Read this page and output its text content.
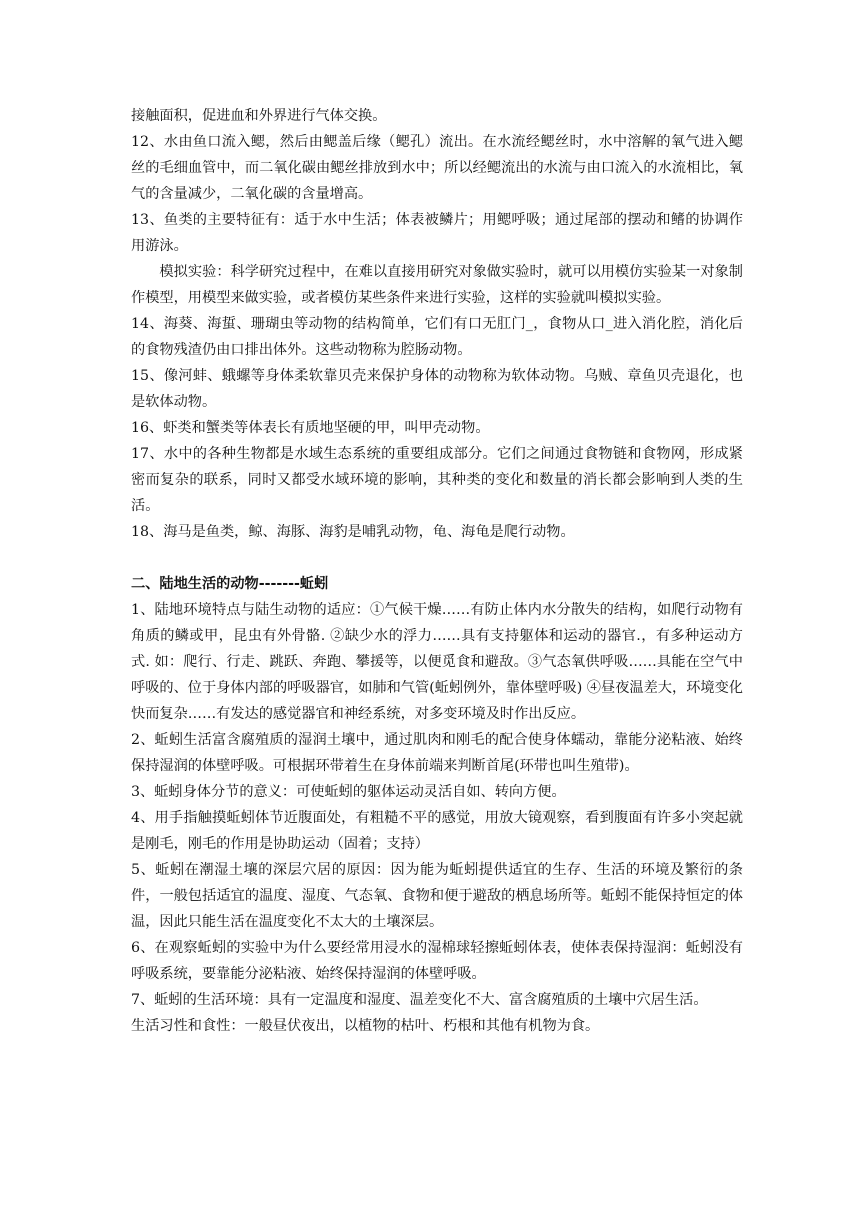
接触面积，促进血和外界进行气体交换。

12、水由鱼口流入鳃，然后由鳃盖后缘（鳃孔）流出。在水流经鳃丝时，水中溶解的氧气进入鳃丝的毛细血管中，而二氧化碳由鳃丝排放到水中；所以经鳃流出的水流与由口流入的水流相比，氧气的含量减少，二氧化碳的含量增高。

13、鱼类的主要特征有：适于水中生活；体表被鳞片；用鳃呼吸；通过尾部的摆动和鳍的协调作用游泳。

模拟实验：科学研究过程中，在难以直接用研究对象做实验时，就可以用模仿实验某一对象制作模型，用模型来做实验，或者模仿某些条件来进行实验，这样的实验就叫模拟实验。

14、海葵、海蜇、珊瑚虫等动物的结构简单，它们有口无肛门_，食物从口_进入消化腔，消化后的食物残渣仍由口排出体外。这些动物称为腔肠动物。

15、像河蚌、蛾螺等身体柔软靠贝壳来保护身体的动物称为软体动物。乌贼、章鱼贝壳退化，也是软体动物。

16、虾类和蟹类等体表长有质地坚硬的甲，叫甲壳动物。

17、水中的各种生物都是水域生态系统的重要组成部分。它们之间通过食物链和食物网，形成紧密而复杂的联系，同时又都受水域环境的影响，其种类的变化和数量的消长都会影响到人类的生活。

18、海马是鱼类，鲸、海豚、海豹是哺乳动物，龟、海龟是爬行动物。

二、陆地生活的动物-------蚯蚓

1、陆地环境特点与陆生动物的适应：①气候干燥……有防止体内水分散失的结构，如爬行动物有角质的鳞或甲，昆虫有外骨骼. ②缺少水的浮力……具有支持躯体和运动的器官.，有多种运动方式. 如：爬行、行走、跳跃、奔跑、攀援等，以便觅食和避敌。③气态氧供呼吸……具能在空气中呼吸的、位于身体内部的呼吸器官，如肺和气管(蚯蚓例外，靠体壁呼吸) ④昼夜温差大，环境变化快而复杂……有发达的感觉器官和神经系统，对多变环境及时作出反应。

2、蚯蚓生活富含腐殖质的湿润土壤中，通过肌肉和刚毛的配合使身体蠕动，靠能分泌粘液、始终保持湿润的体壁呼吸。可根据环带着生在身体前端来判断首尾(环带也叫生殖带)。

3、蚯蚓身体分节的意义：可使蚯蚓的躯体运动灵活自如、转向方便。

4、用手指触摸蚯蚓体节近腹面处，有粗糙不平的感觉，用放大镜观察，看到腹面有许多小突起就是刚毛，刚毛的作用是协助运动（固着；支持）

5、蚯蚓在潮湿土壤的深层穴居的原因：因为能为蚯蚓提供适宜的生存、生活的环境及繁衍的条件，一般包括适宜的温度、湿度、气态氧、食物和便于避敌的栖息场所等。蚯蚓不能保持恒定的体温，因此只能生活在温度变化不太大的土壤深层。

6、在观察蚯蚓的实验中为什么要经常用浸水的湿棉球轻擦蚯蚓体表，使体表保持湿润：蚯蚓没有呼吸系统，要靠能分泌粘液、始终保持湿润的体壁呼吸。

7、蚯蚓的生活环境：具有一定温度和湿度、温差变化不大、富含腐殖质的土壤中穴居生活。

生活习性和食性：一般昼伏夜出，以植物的枯叶、朽根和其他有机物为食。
